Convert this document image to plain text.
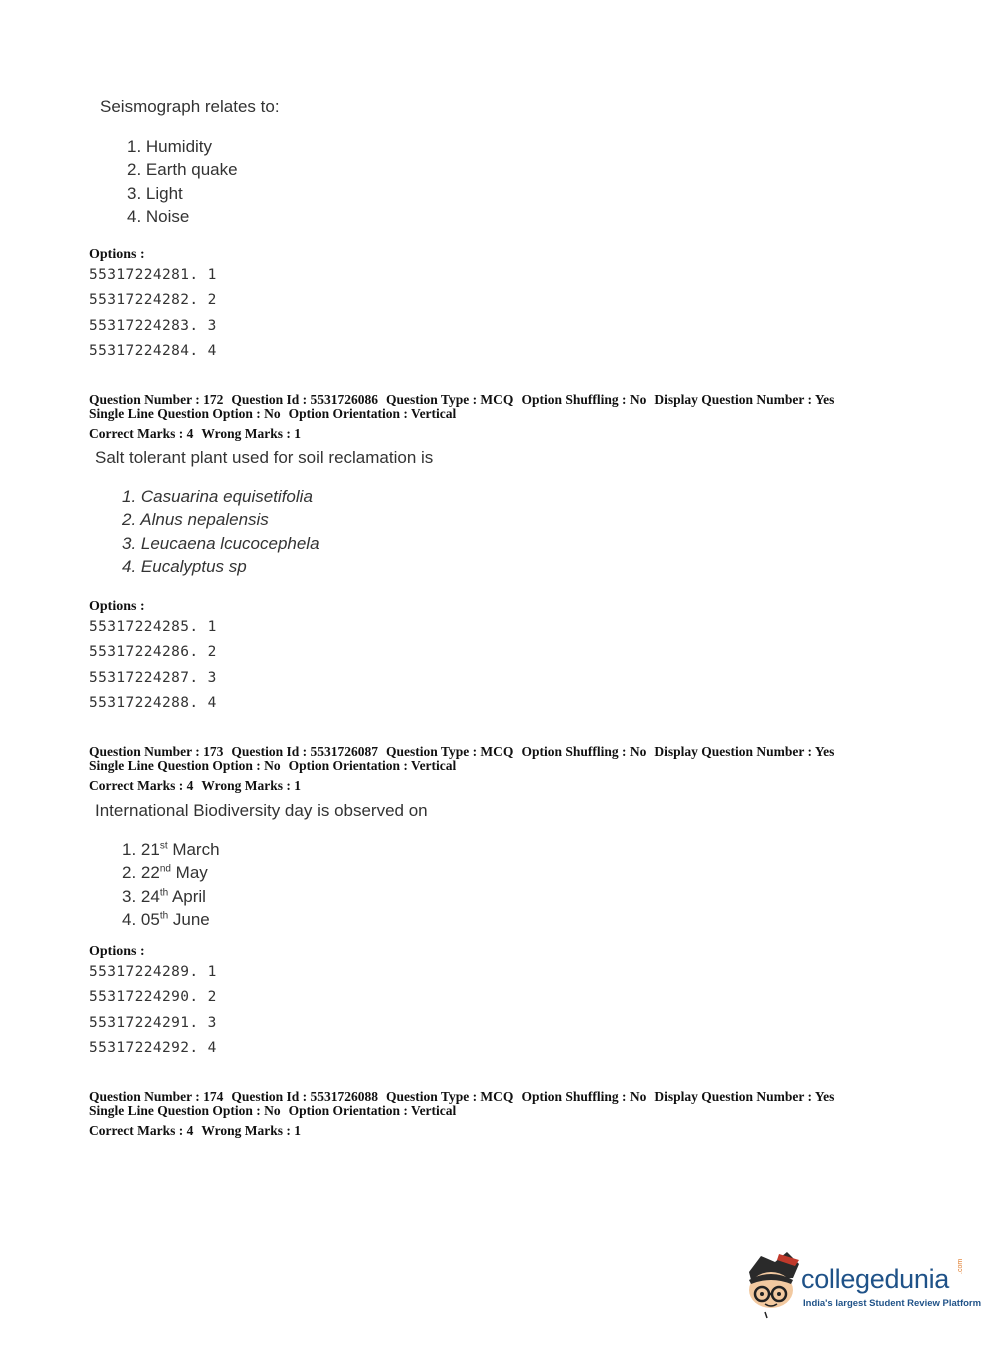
Seismograph relates to:

1. Humidity
2. Earth quake
3. Light
4. Noise

Options :

55317224281. 1
55317224282. 2
55317224283. 3
55317224284. 4
Question Number : 172 Question Id : 5531726086 Question Type : MCQ Option Shuffling : No Display Question Number : Yes
Single Line Question Option : No Option Orientation : Vertical
Correct Marks : 4 Wrong Marks : 1

Salt tolerant plant used for soil reclamation is

1. Casuarina equisetifolia
2. Alnus nepalensis
3. Leucaena lcucocephela
4. Eucalyptus sp

Options :

55317224285. 1
55317224286. 2
55317224287. 3
55317224288. 4
Question Number : 173 Question Id : 5531726087 Question Type : MCQ Option Shuffling : No Display Question Number : Yes
Single Line Question Option : No Option Orientation : Vertical
Correct Marks : 4 Wrong Marks : 1

International Biodiversity day is observed on

1. 21st March
2. 22nd May
3. 24th April
4. 05th June

Options :

55317224289. 1
55317224290. 2
55317224291. 3
55317224292. 4
Question Number : 174 Question Id : 5531726088 Question Type : MCQ Option Shuffling : No Display Question Number : Yes
Single Line Question Option : No Option Orientation : Vertical
Correct Marks : 4 Wrong Marks : 1
collegedunia .com
India's largest Student Review Platform
